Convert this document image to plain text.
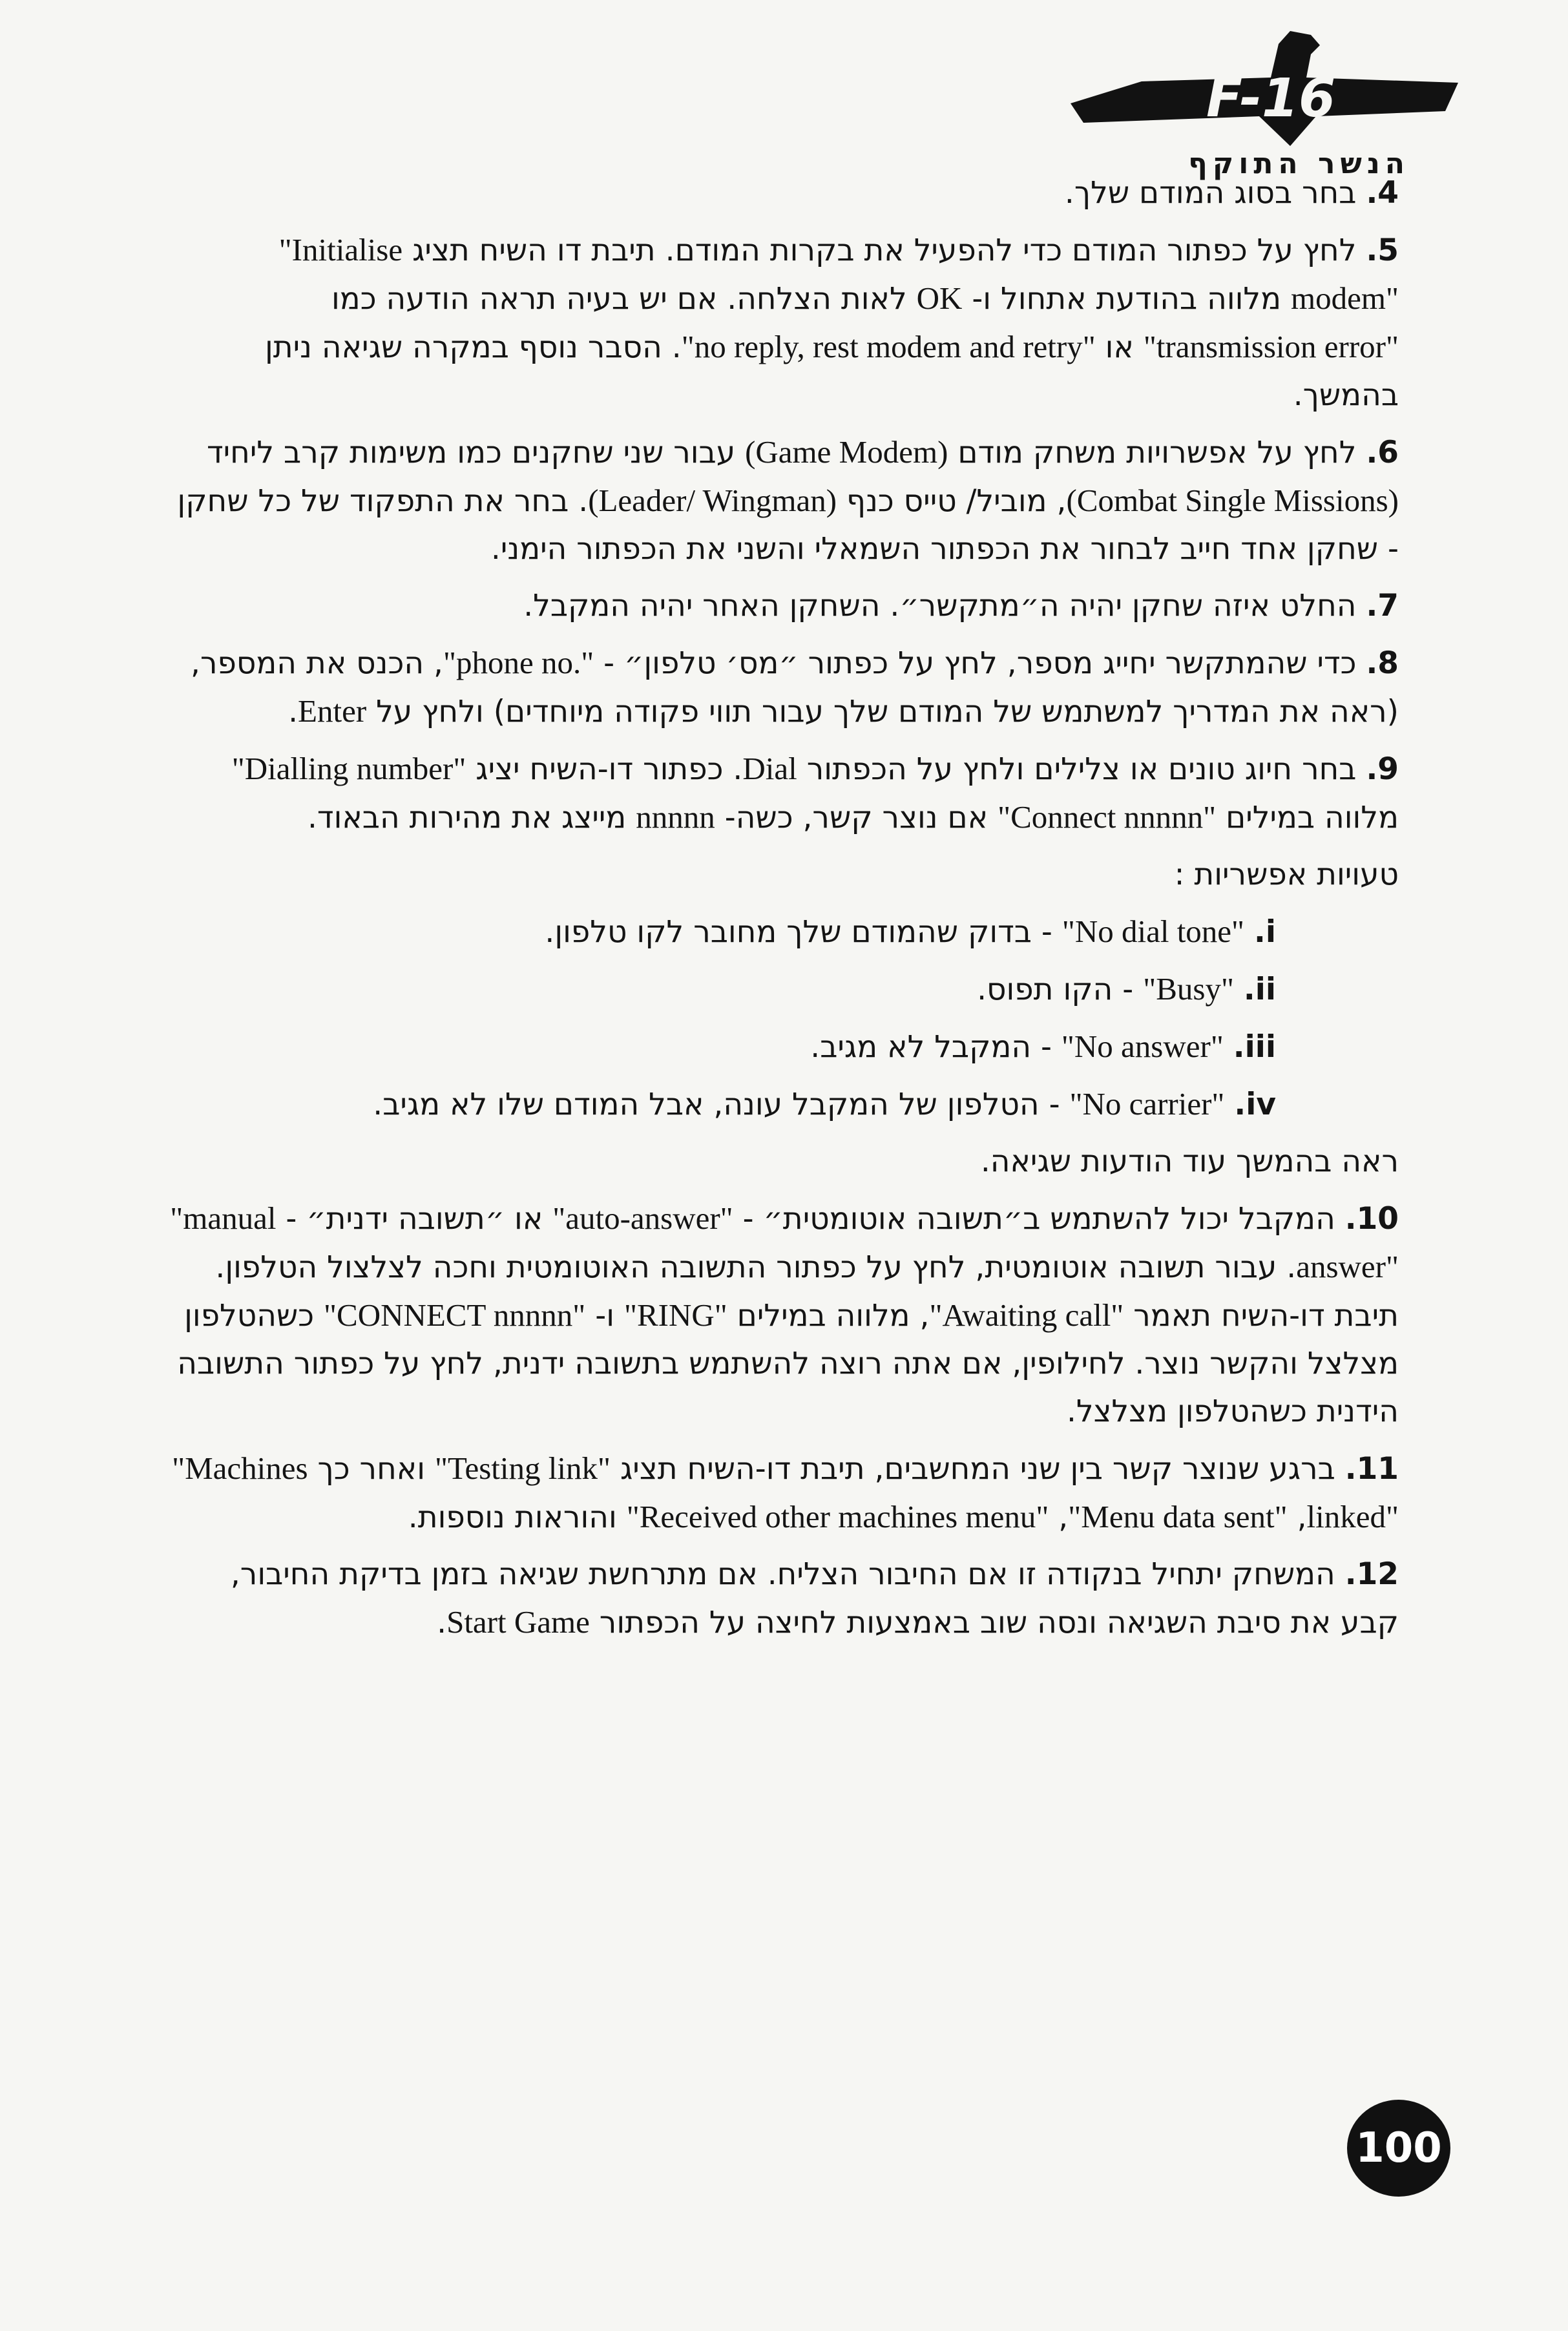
F-16
הנשר התוקף
4. בחר בסוג המודם שלך.
5. לחץ על כפתור המודם כדי להפעיל את בקרות המודם. תיבת דו השיח תציג "Initialise modem" מלווה בהודעת אתחול ו- OK לאות הצלחה. אם יש בעיה תראה הודעה כמו "transmission error" או "no reply, rest modem and retry". הסבר נוסף במקרה שגיאה ניתן בהמשך.
6. לחץ על אפשרויות משחק מודם (Game Modem) עבור שני שחקנים כמו משימות קרב ליחיד (Combat Single Missions), מוביל/ טייס כנף (Leader/ Wingman). בחר את התפקוד של כל שחקן - שחקן אחד חייב לבחור את הכפתור השמאלי והשני את הכפתור הימני.
7. החלט איזה שחקן יהיה ה״מתקשר״. השחקן האחר יהיה המקבל.
8. כדי שהמתקשר יחייג מספר, לחץ על כפתור ״מס׳ טלפון״ - "phone no.", הכנס את המספר, (ראה את המדריך למשתמש של המודם שלך עבור תווי פקודה מיוחדים) ולחץ על Enter.
9. בחר חיוג טונים או צלילים ולחץ על הכפתור Dial. כפתור דו-השיח יציג "Dialling number" מלווה במילים "Connect nnnnn" אם נוצר קשר, כשה- nnnnn מייצג את מהירות הבאוד.
טעויות אפשריות :
i. "No dial tone" - בדוק שהמודם שלך מחובר לקו טלפון.
ii. "Busy" - הקו תפוס.
iii. "No answer" - המקבל לא מגיב.
iv. "No carrier" - הטלפון של המקבל עונה, אבל המודם שלו לא מגיב.
ראה בהמשך עוד הודעות שגיאה.
10. המקבל יכול להשתמש ב״תשובה אוטומטית״ - "auto-answer" או ״תשובה ידנית״ - "manual answer". עבור תשובה אוטומטית, לחץ על כפתור התשובה האוטומטית וחכה לצלצול הטלפון. תיבת דו-השיח תאמר "Awaiting call", מלווה במילים "RING" ו- "CONNECT nnnnn" כשהטלפון מצלצל והקשר נוצר. לחילופין, אם אתה רוצה להשתמש בתשובה ידנית, לחץ על כפתור התשובה הידנית כשהטלפון מצלצל.
11. ברגע שנוצר קשר בין שני המחשבים, תיבת דו-השיח תציג "Testing link" ואחר כך "Machines linked", "Menu data sent", "Received other machines menu" והוראות נוספות.
12. המשחק יתחיל בנקודה זו אם החיבור הצליח. אם מתרחשת שגיאה בזמן בדיקת החיבור, קבע את סיבת השגיאה ונסה שוב באמצעות לחיצה על הכפתור Start Game.
100
